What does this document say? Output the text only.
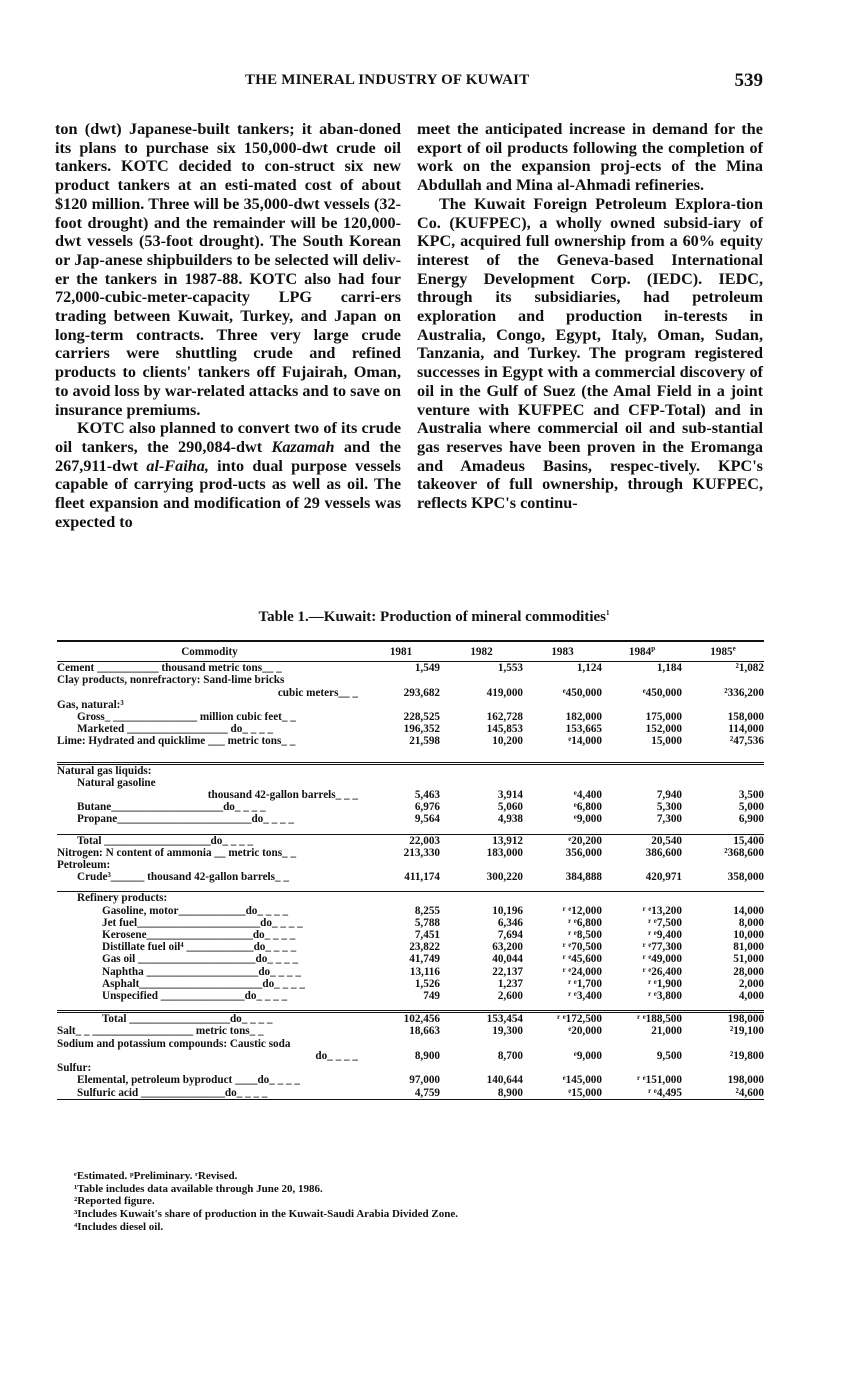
THE MINERAL INDUSTRY OF KUWAIT	539

ton (dwt) Japanese-built tankers; it aban-doned its plans to purchase six 150,000-dwt crude oil tankers. KOTC decided to con-struct six new product tankers at an esti-mated cost of about $120 million. Three will be 35,000-dwt vessels (32-foot drought) and the remainder will be 120,000-dwt vessels (53-foot drought). The South Korean or Jap-anese shipbuilders to be selected will deliv-er the tankers in 1987-88. KOTC also had four 72,000-cubic-meter-capacity LPG carri-ers trading between Kuwait, Turkey, and Japan on long-term contracts. Three very large crude carriers were shuttling crude and refined products to clients' tankers off Fujairah, Oman, to avoid loss by war-related attacks and to save on insurance premiums.

KOTC also planned to convert two of its crude oil tankers, the 290,084-dwt Kazamah and the 267,911-dwt al-Faiha, into dual purpose vessels capable of carrying prod-ucts as well as oil. The fleet expansion and modification of 29 vessels was expected to

meet the anticipated increase in demand for the export of oil products following the completion of work on the expansion proj-ects of the Mina Abdullah and Mina al-Ahmadi refineries.

The Kuwait Foreign Petroleum Explora-tion Co. (KUFPEC), a wholly owned subsid-iary of KPC, acquired full ownership from a 60% equity interest of the Geneva-based International Energy Development Corp. (IEDC). IEDC, through its subsidiaries, had petroleum exploration and production in-terests in Australia, Congo, Egypt, Italy, Oman, Sudan, Tanzania, and Turkey. The program registered successes in Egypt with a commercial discovery of oil in the Gulf of Suez (the Amal Field in a joint venture with KUFPEC and CFP-Total) and in Australia where commercial oil and sub-stantial gas reserves have been proven in the Eromanga and Amadeus Basins, respec-tively. KPC's takeover of full ownership, through KUFPEC, reflects KPC's continu-

Table 1.—Kuwait: Production of mineral commodities$^1$
Commodity	1981	1982	1983	1984$^p$	1985e
Cement ___________ thousand metric tons__ _	1,549	1,553	1,124	1,184	²1,082
Clay products, nonrefractory: Sand-lime bricks					

cubic meters__ _	293,682	419,000	ᵉ450,000	ᵉ450,000	²336,200
Gas, natural:³					
Gross_ _______________ million cubic feet_ _	228,525	162,728	182,000	175,000	158,000
Marketed __________________ do_ _ _ _	196,352	145,853	153,665	152,000	114,000
Lime: Hydrated and quicklime ___ metric tons_ _	21,598	10,200	ᵉ14,000	15,000	²47,536

Natural gas liquids:					
Natural gasoline					

thousand 42-gallon barrels_ _ _	5,463	3,914	ᵉ4,400	7,940	3,500
Butane____________________do_ _ _ _	6,976	5,060	ᵉ6,800	5,300	5,000
Propane________________________do_ _ _ _	9,564	4,938	ᵉ9,000	7,300	6,900

Total ___________________do_ _ _ _	22,003	13,912	ᵉ20,200	20,540	15,400
Nitrogen: N content of ammonia __ metric tons_ _	213,330	183,000	356,000	386,600	²368,600
Petroleum:					
Crude³______ thousand 42-gallon barrels_ _	411,174	300,220	384,888	420,971	358,000

Refinery products:					
Gasoline, motor____________do_ _ _ _	8,255	10,196	ʳ ᵉ12,000	ʳ ᵉ13,200	14,000
Jet fuel______________________do_ _ _ _	5,788	6,346	ʳ ᵉ6,800	ʳ ᵉ7,500	8,000
Kerosene___________________do_ _ _ _	7,451	7,694	ʳ ᵉ8,500	ʳ ᵉ9,400	10,000
Distillate fuel oil⁴ ____________do_ _ _ _	23,822	63,200	ʳ ᵉ70,500	ʳ ᵉ77,300	81,000
Gas oil _____________________do_ _ _ _	41,749	40,044	ʳ ᵉ45,600	ʳ ᵉ49,000	51,000
Naphtha ____________________do_ _ _ _	13,116	22,137	ʳ ᵉ24,000	ʳ ᵉ26,400	28,000
Asphalt______________________do_ _ _ _	1,526	1,237	ʳ ᵉ1,700	ʳ ᵉ1,900	2,000
Unspecified _______________do_ _ _ _	749	2,600	ʳ ᵉ3,400	ʳ ᵉ3,800	4,000

Total __________________do_ _ _ _	102,456	153,454	ʳ ᵉ172,500	ʳ ᵉ188,500	198,000
Salt_ _ __________________ metric tons_ _	18,663	19,300	ᵉ20,000	21,000	²19,100
Sodium and potassium compounds: Caustic soda					

do_ _ _ _	8,900	8,700	ᵉ9,000	9,500	²19,800
Sulfur:					
Elemental, petroleum byproduct ____do_ _ _ _	97,000	140,644	ᵉ145,000	ʳ ᵉ151,000	198,000
Sulfuric acid _______________do_ _ _ _	4,759	8,900	ᵉ15,000	ʳ ᵉ4,495	²4,600
ᵉEstimated. ᵖPreliminary. ʳRevised.
¹Table includes data available through June 20, 1986.
²Reported figure.
³Includes Kuwait's share of production in the Kuwait-Saudi Arabia Divided Zone.
⁴Includes diesel oil.
